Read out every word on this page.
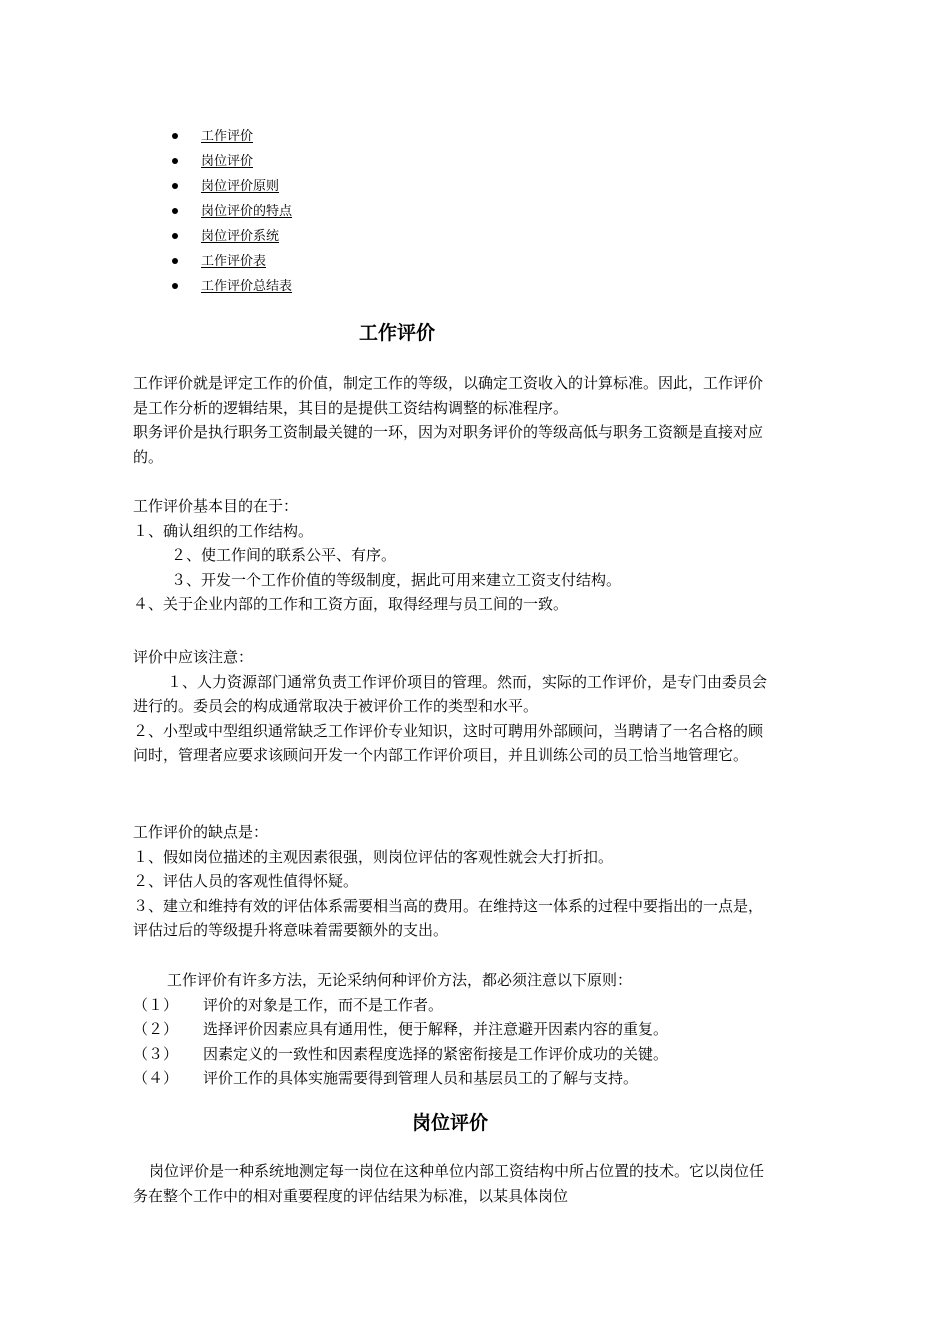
工作评价
岗位评价
岗位评价原则
岗位评价的特点
岗位评价系统
工作评价表
工作评价总结表
工作评价

工作评价就是评定工作的价值，制定工作的等级，以确定工资收入的计算标准。因此，工作评价是工作分析的逻辑结果，其目的是提供工资结构调整的标准程序。

职务评价是执行职务工资制最关键的一环，因为对职务评价的等级高低与职务工资额是直接对应的。

工作评价基本目的在于：

１、确认组织的工作结构。

２、使工作间的联系公平、有序。

３、开发一个工作价值的等级制度，据此可用来建立工资支付结构。

４、关于企业内部的工作和工资方面，取得经理与员工间的一致。

评价中应该注意：

１、人力资源部门通常负责工作评价项目的管理。然而，实际的工作评价，是专门由委员会进行的。委员会的构成通常取决于被评价工作的类型和水平。

２、小型或中型组织通常缺乏工作评价专业知识，这时可聘用外部顾问，当聘请了一名合格的顾问时，管理者应要求该顾问开发一个内部工作评价项目，并且训练公司的员工恰当地管理它。

工作评价的缺点是：

１、假如岗位描述的主观因素很强，则岗位评估的客观性就会大打折扣。

２、评估人员的客观性值得怀疑。

３、建立和维持有效的评估体系需要相当高的费用。在维持这一体系的过程中要指出的一点是，评估过后的等级提升将意味着需要额外的支出。

工作评价有许多方法，无论采纳何种评价方法，都必须注意以下原则：

（１） 评价的对象是工作，而不是工作者。

（２） 选择评价因素应具有通用性，便于解释，并注意避开因素内容的重复。

（３） 因素定义的一致性和因素程度选择的紧密衔接是工作评价成功的关键。

（４） 评价工作的具体实施需要得到管理人员和基层员工的了解与支持。

岗位评价

岗位评价是一种系统地测定每一岗位在这种单位内部工资结构中所占位置的技术。它以岗位任务在整个工作中的相对重要程度的评估结果为标准，以某具体岗位
